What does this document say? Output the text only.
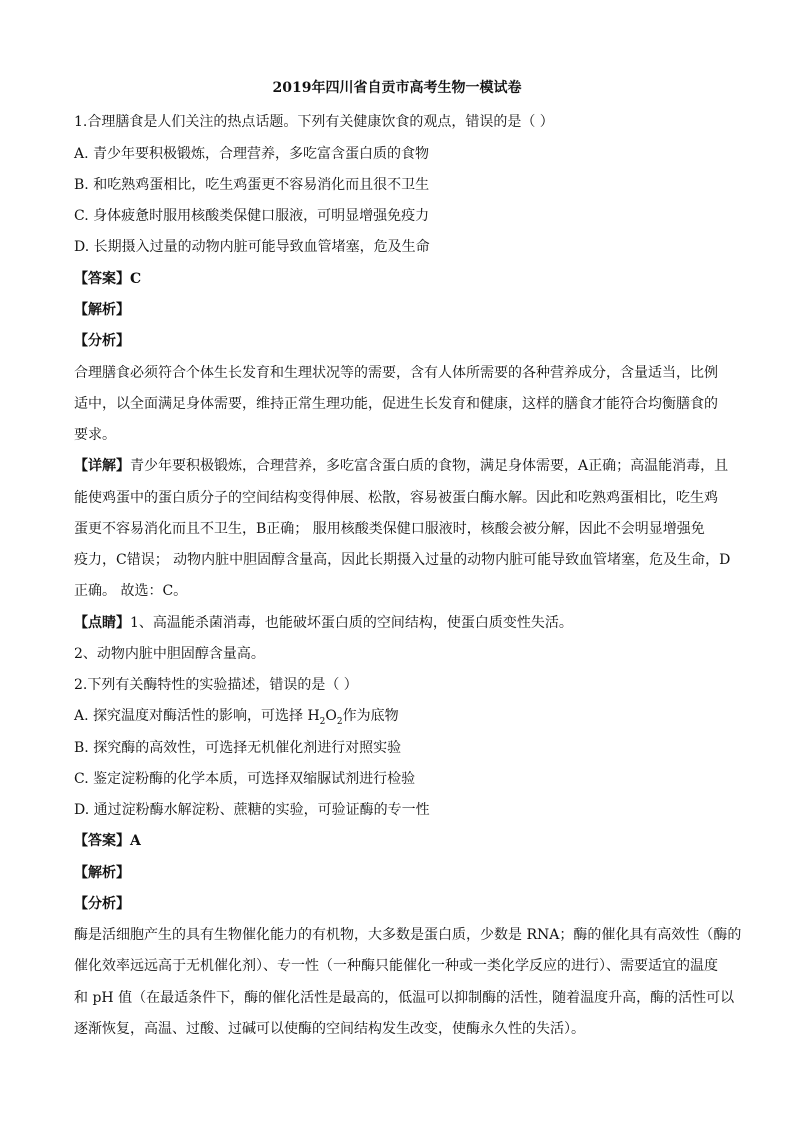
2019年四川省自贡市高考生物一模试卷
1.合理膳食是人们关注的热点话题。下列有关健康饮食的观点，错误的是（ ）
A. 青少年要积极锻炼，合理营养，多吃富含蛋白质的食物
B. 和吃熟鸡蛋相比，吃生鸡蛋更不容易消化而且很不卫生
C. 身体疲惫时服用核酸类保健口服液，可明显增强免疫力
D. 长期摄入过量的动物内脏可能导致血管堵塞，危及生命
【答案】C
【解析】
【分析】
合理膳食必须符合个体生长发育和生理状况等的需要，含有人体所需要的各种营养成分，含量适当，比例
适中，以全面满足身体需要，维持正常生理功能，促进生长发育和健康，这样的膳食才能符合均衡膳食的
要求。
【详解】青少年要积极锻炼，合理营养，多吃富含蛋白质的食物，满足身体需要，A正确；高温能消毒，且
能使鸡蛋中的蛋白质分子的空间结构变得伸展、松散，容易被蛋白酶水解。因此和吃熟鸡蛋相比，吃生鸡
蛋更不容易消化而且不卫生，B正确； 服用核酸类保健口服液时，核酸会被分解，因此不会明显增强免
疫力，C错误； 动物内脏中胆固醇含量高，因此长期摄入过量的动物内脏可能导致血管堵塞，危及生命，D
正确。 故选：C。
【点睛】1、高温能杀菌消毒，也能破坏蛋白质的空间结构，使蛋白质变性失活。
2、动物内脏中胆固醇含量高。
2.下列有关酶特性的实验描述，错误的是（ ）
A. 探究温度对酶活性的影响，可选择 $H_2O_2$作为底物
B. 探究酶的高效性，可选择无机催化剂进行对照实验
C. 鉴定淀粉酶的化学本质，可选择双缩脲试剂进行检验
D. 通过淀粉酶水解淀粉、蔗糖的实验，可验证酶的专一性
【答案】A
【解析】
【分析】
酶是活细胞产生的具有生物催化能力的有机物，大多数是蛋白质，少数是 RNA；酶的催化具有高效性（酶的
催化效率远远高于无机催化剂）、专一性（一种酶只能催化一种或一类化学反应的进行）、需要适宜的温度
和 pH 值（在最适条件下，酶的催化活性是最高的，低温可以抑制酶的活性，随着温度升高，酶的活性可以
逐渐恢复，高温、过酸、过碱可以使酶的空间结构发生改变，使酶永久性的失活）。
